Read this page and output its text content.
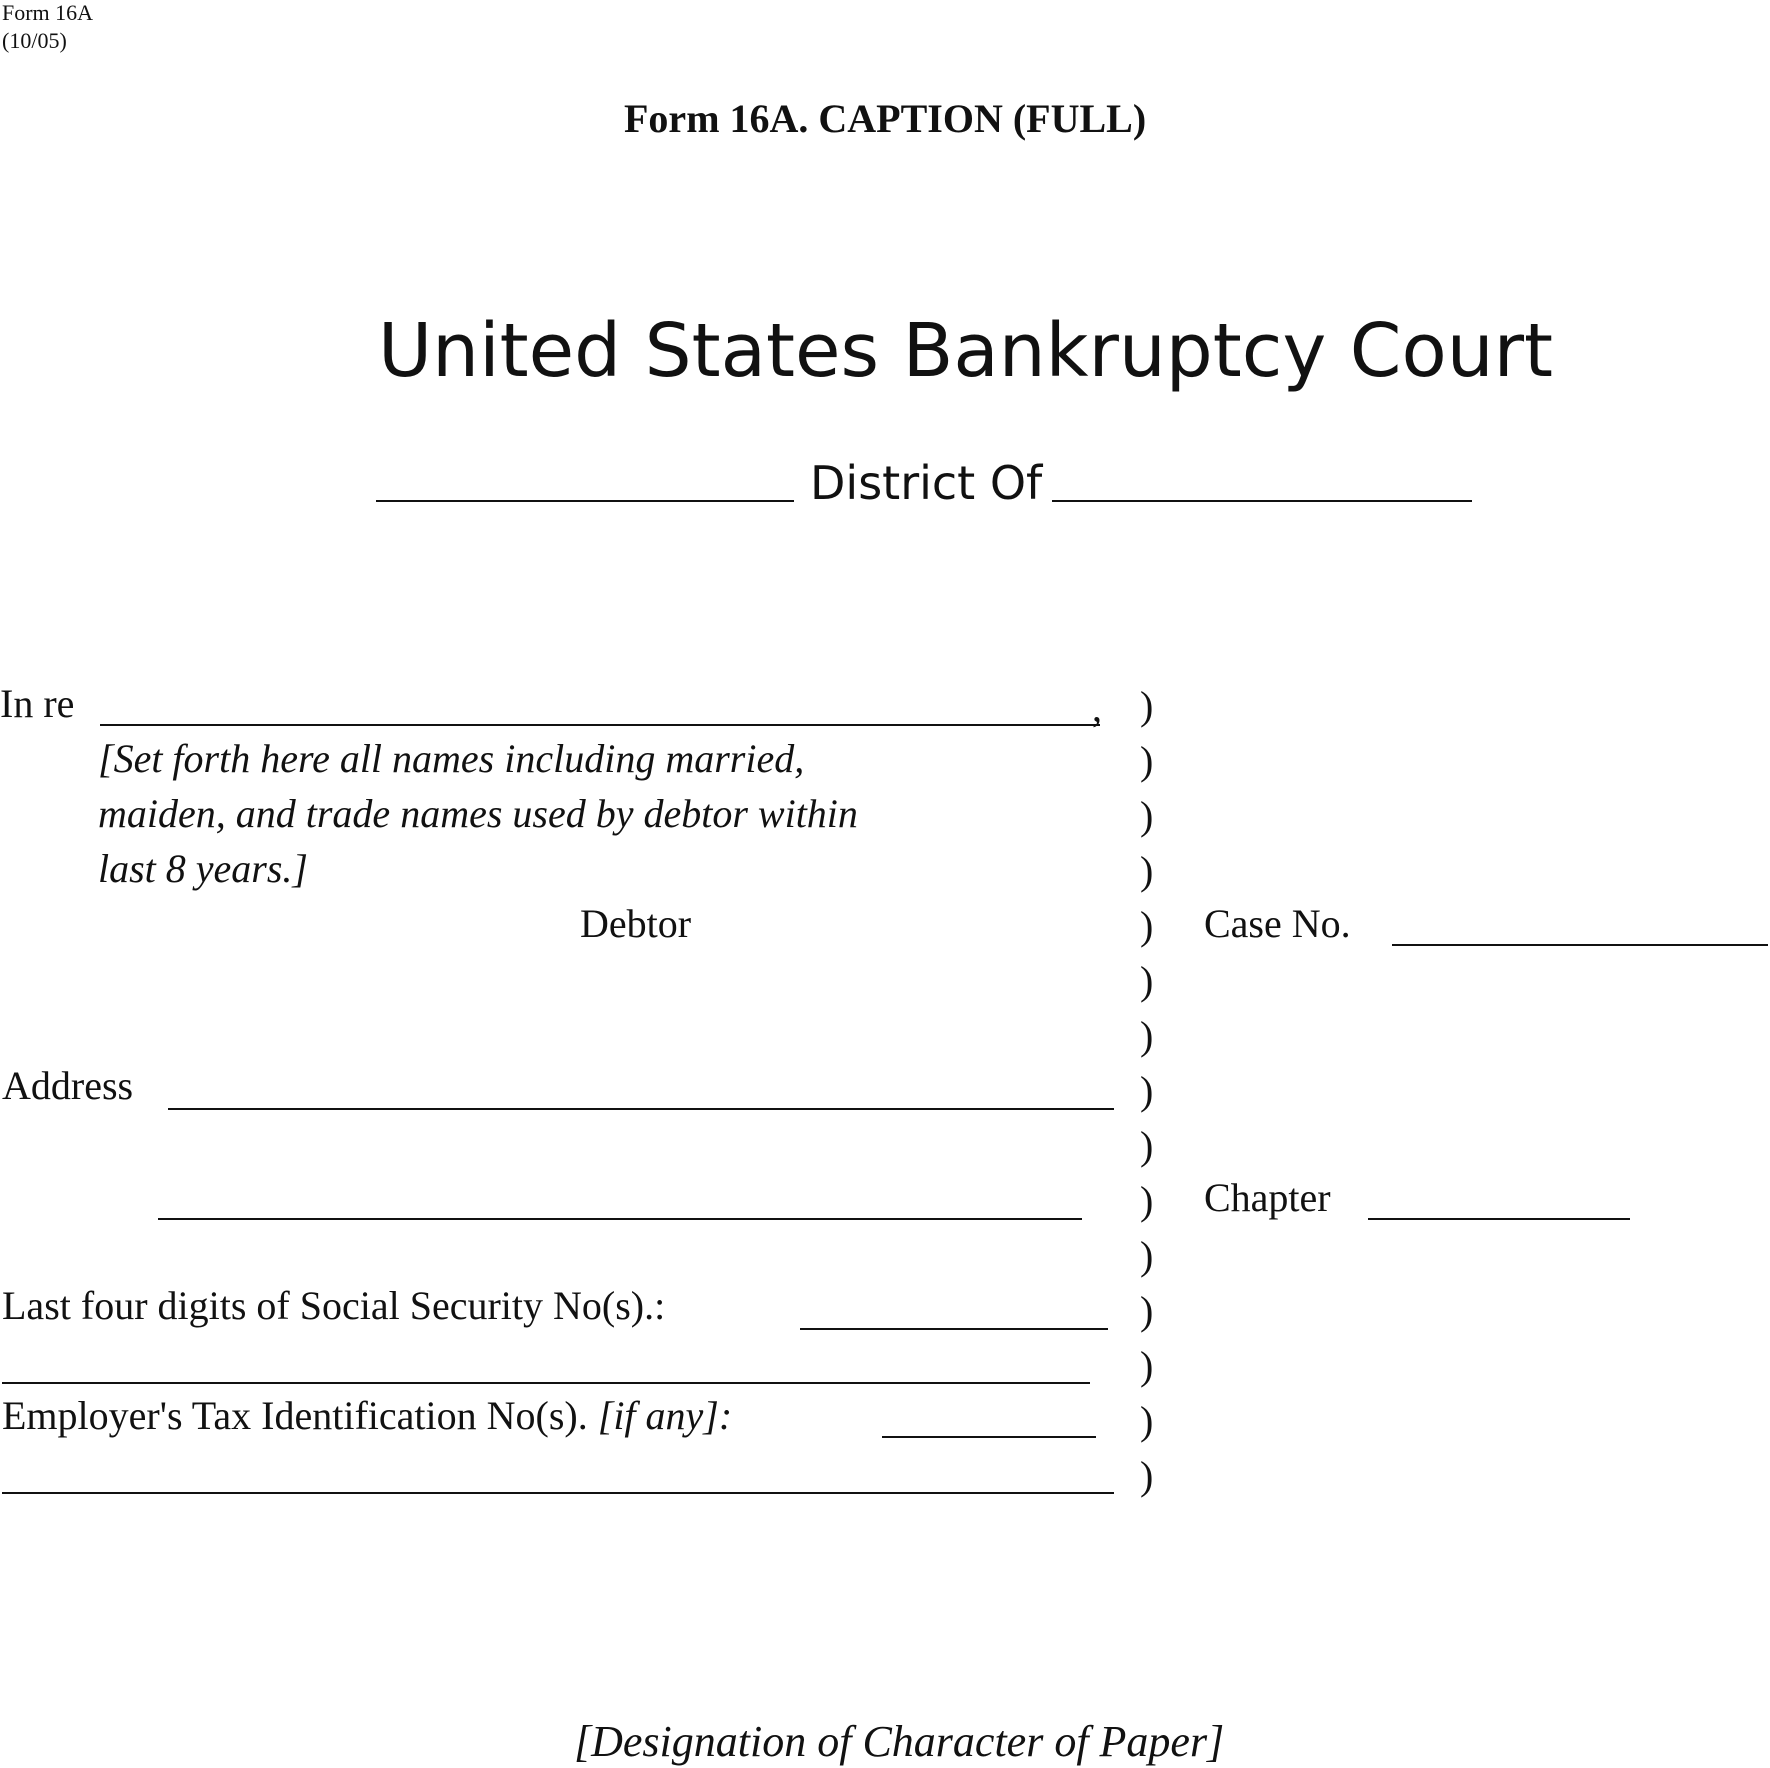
Form 16A
(10/05)
Form 16A. CAPTION (FULL)
United States Bankruptcy Court
District Of
In re	,
[Set forth here all names including married,
maiden, and trade names used by debtor within
last 8 years.]
Debtor	Case No.
Address
Chapter
Last four digits of Social Security No(s).:
Employer's Tax Identification No(s). [if any]:
)
)
)
)
)
)
)
)
)
)
)
)
)
)
)
[Designation of Character of Paper]
